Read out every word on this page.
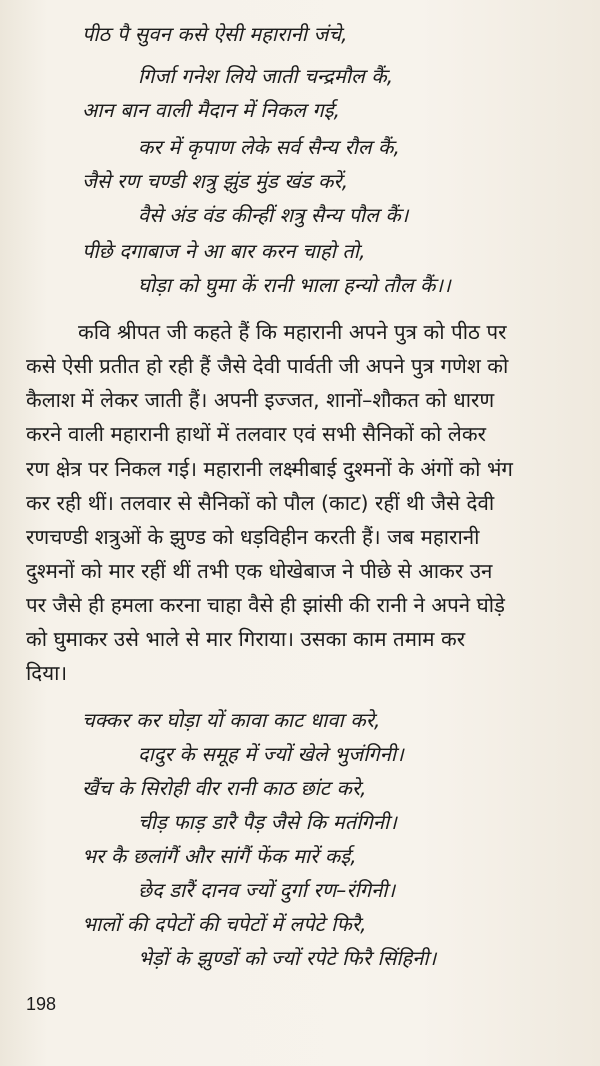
पीठ पै सुवन कसे ऐसी महारानी जंचे,
गिर्जा गनेश लिये जाती चन्द्रमौल कैं,
आन बान वाली मैदान में निकल गई,
कर में कृपाण लेके सर्व सैन्य रौल कैं,
जैसे रण चण्डी शत्रु झुंड मुंड खंड करें,
वैसे अंड वंड कीन्हीं शत्रु सैन्य पौल कैं।
पीछे दगाबाज ने आ बार करन चाहो तो,
घोड़ा को घुमा कें रानी भाला हन्यो तौल कैं।।
कवि श्रीपत जी कहते हैं कि महारानी अपने पुत्र को पीठ पर
कसे ऐसी प्रतीत हो रही हैं जैसे देवी पार्वती जी अपने पुत्र गणेश को
कैलाश में लेकर जाती हैं। अपनी इज्जत, शानों–शौकत को धारण
करने वाली महारानी हाथों में तलवार एवं सभी सैनिकों को लेकर
रण क्षेत्र पर निकल गई। महारानी लक्ष्मीबाई दुश्मनों के अंगों को भंग
कर रही थीं। तलवार से सैनिकों को पौल (काट) रहीं थी जैसे देवी
रणचण्डी शत्रुओं के झुण्ड को धड़विहीन करती हैं। जब महारानी
दुश्मनों को मार रहीं थीं तभी एक धोखेबाज ने पीछे से आकर उन
पर जैसे ही हमला करना चाहा वैसे ही झांसी की रानी ने अपने घोड़े
को घुमाकर उसे भाले से मार गिराया। उसका काम तमाम कर
दिया।
चक्कर कर घोड़ा यों कावा काट धावा करे,
दादुर के समूह में ज्यों खेले भुजंगिनी।
खैंच के सिरोही वीर रानी काठ छांट करे,
चीड़ फाड़ डारै पैड़ जैसे कि मतंगिनी।
भर कै छलांगैं और सांगैं फेंक मारें कई,
छेद डारैं दानव ज्यों दुर्गा रण–रंगिनी।
भालों की दपेटों की चपेटों में लपेटे फिरै,
भेड़ों के झुण्डों को ज्यों रपेटे फिरै सिंहिनी।
198
